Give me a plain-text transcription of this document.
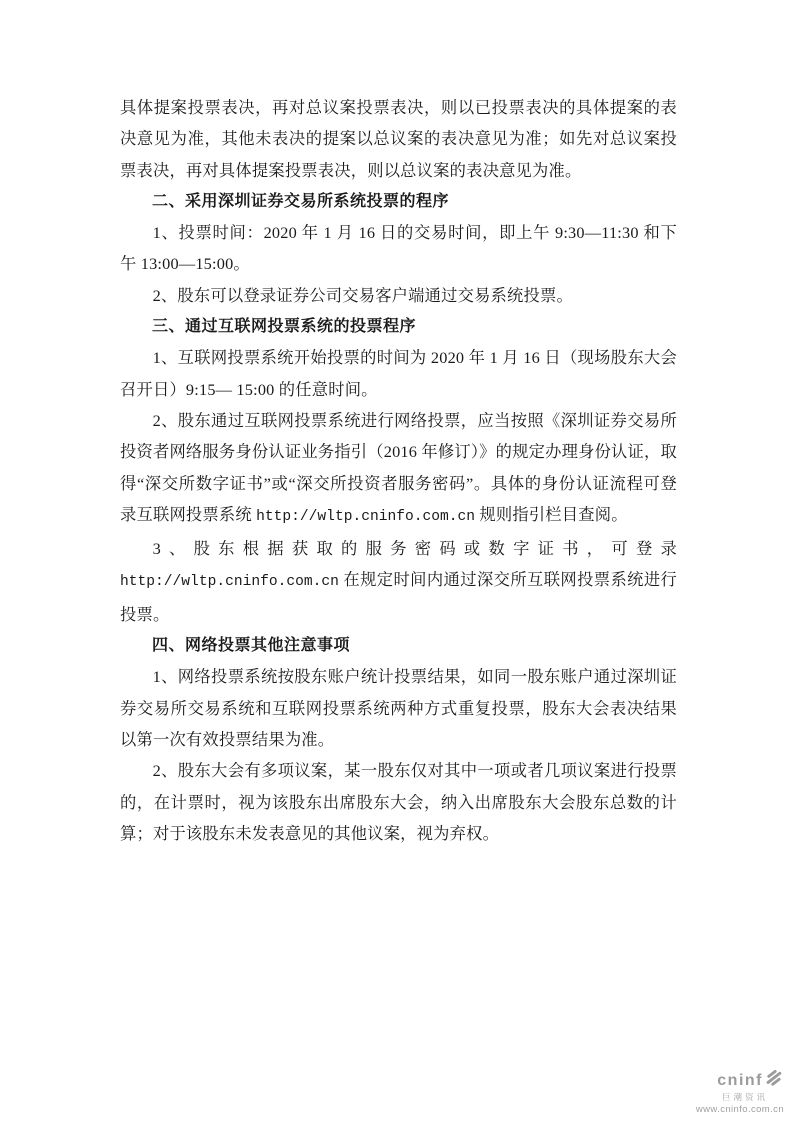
具体提案投票表决，再对总议案投票表决，则以已投票表决的具体提案的表决意见为准，其他未表决的提案以总议案的表决意见为准；如先对总议案投票表决，再对具体提案投票表决，则以总议案的表决意见为准。

二、采用深圳证券交易所系统投票的程序

1、投票时间：2020 年 1 月 16 日的交易时间，即上午 9:30—11:30 和下午 13:00—15:00。

2、股东可以登录证券公司交易客户端通过交易系统投票。

三、通过互联网投票系统的投票程序

1、互联网投票系统开始投票的时间为 2020 年 1 月 16 日（现场股东大会召开日）9:15— 15:00 的任意时间。

2、股东通过互联网投票系统进行网络投票，应当按照《深圳证券交易所投资者网络服务身份认证业务指引（2016 年修订）》的规定办理身份认证，取得“深交所数字证书”或“深交所投资者服务密码”。具体的身份认证流程可登录互联网投票系统 http://wltp.cninfo.com.cn 规则指引栏目查阅。

3、股东根据获取的服务密码或数字证书，可登录 http://wltp.cninfo.com.cn 在规定时间内通过深交所互联网投票系统进行投票。

四、网络投票其他注意事项

1、网络投票系统按股东账户统计投票结果，如同一股东账户通过深圳证券交易所交易系统和互联网投票系统两种方式重复投票，股东大会表决结果以第一次有效投票结果为准。

2、股东大会有多项议案，某一股东仅对其中一项或者几项议案进行投票的，在计票时，视为该股东出席股东大会，纳入出席股东大会股东总数的计算；对于该股东未发表意见的其他议案，视为弃权。

cninf
巨潮资讯
www.cninfo.com.cn
